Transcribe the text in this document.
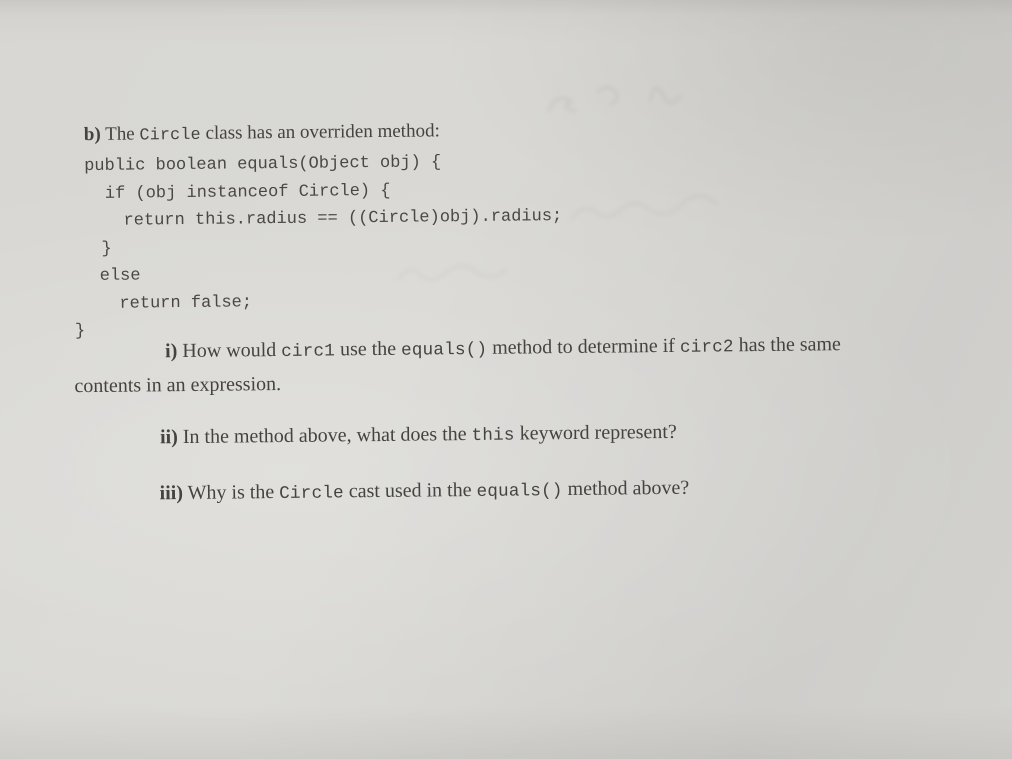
b) The Circle class has an overriden method:

public boolean equals(Object obj) {
if (obj instanceof Circle) {
return this.radius == ((Circle)obj).radius;
}
else
return false;
}

i) How would circ1 use the equals() method to determine if circ2 has the same

contents in an expression.

ii) In the method above, what does the this keyword represent?

iii) Why is the Circle cast used in the equals() method above?
